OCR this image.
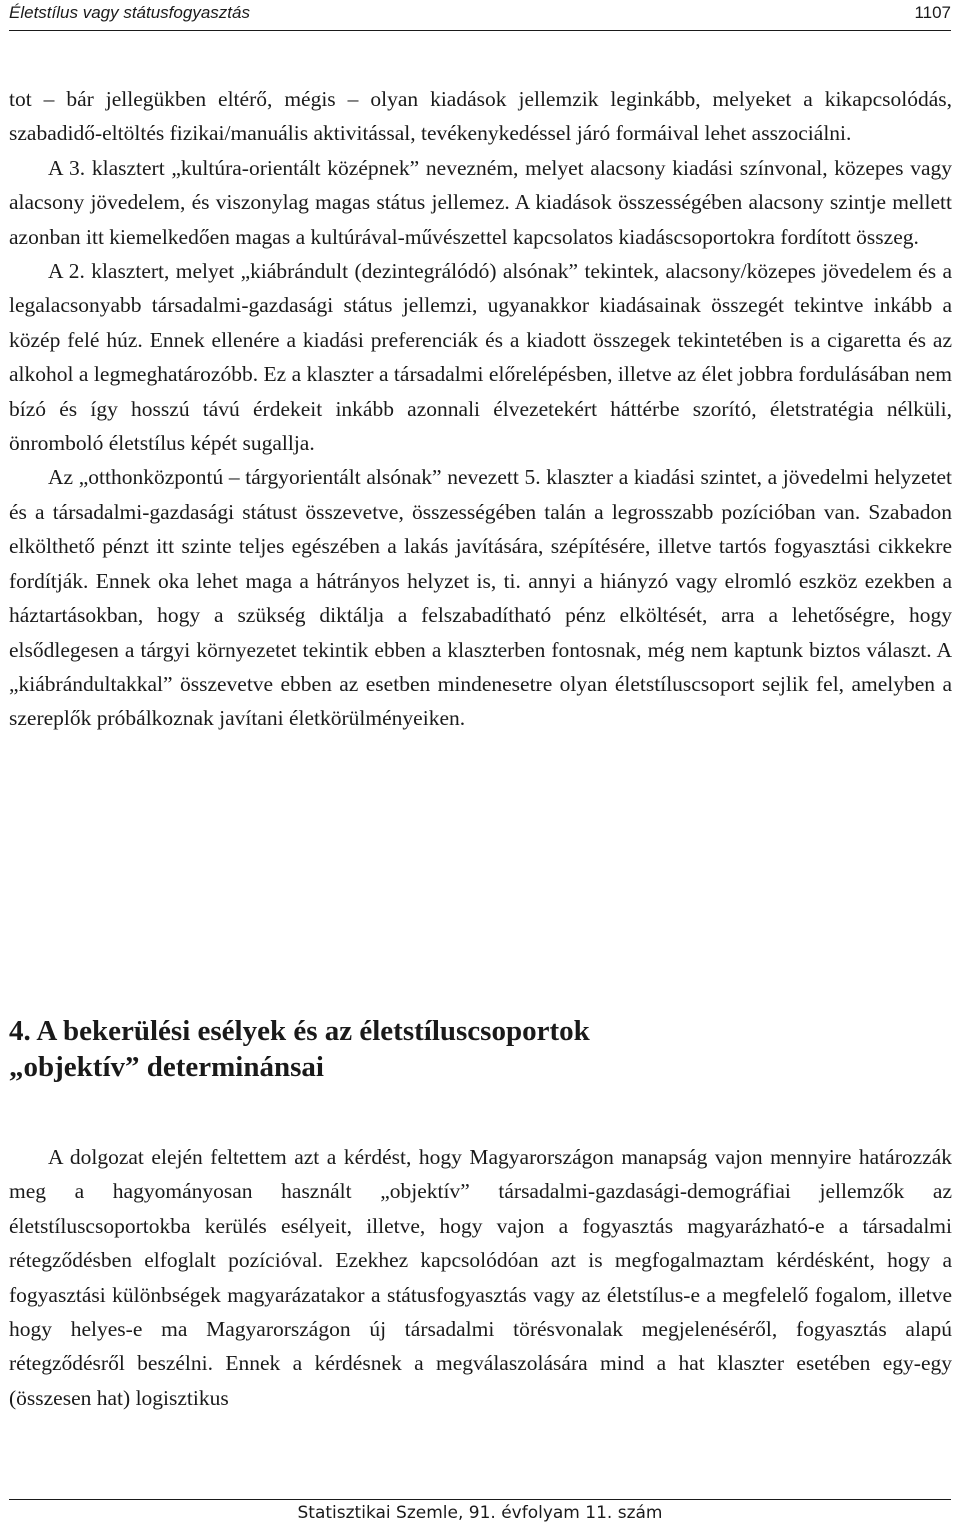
Életstílus vagy státusfogyasztás	1107

tot – bár jellegükben eltérő, mégis – olyan kiadások jellemzik leginkább, melyeket a kikapcsolódás, szabadidő-eltöltés fizikai/manuális aktivitással, tevékenykedéssel járó formáival lehet asszociálni.

A 3. klasztert „kultúra-orientált középnek” nevezném, melyet alacsony kiadási színvonal, közepes vagy alacsony jövedelem, és viszonylag magas státus jellemez. A kiadások összességében alacsony szintje mellett azonban itt kiemelkedően magas a kultúrával-művészettel kapcsolatos kiadáscsoportokra fordított összeg.

A 2. klasztert, melyet „kiábrándult (dezintegrálódó) alsónak” tekintek, alacsony/közepes jövedelem és a legalacsonyabb társadalmi-gazdasági státus jellemzi, ugyanakkor kiadásainak összegét tekintve inkább a közép felé húz. Ennek ellenére a kiadási preferenciák és a kiadott összegek tekintetében is a cigaretta és az alkohol a legmeghatározóbb. Ez a klaszter a társadalmi előrelépésben, illetve az élet jobbra fordulásában nem bízó és így hosszú távú érdekeit inkább azonnali élvezetekért háttérbe szorító, életstratégia nélküli, önromboló életstílus képét sugallja.

Az „otthonközpontú – tárgyorientált alsónak” nevezett 5. klaszter a kiadási szintet, a jövedelmi helyzetet és a társadalmi-gazdasági státust összevetve, összességében talán a legrosszabb pozícióban van. Szabadon elkölthető pénzt itt szinte teljes egészében a lakás javítására, szépítésére, illetve tartós fogyasztási cikkekre fordítják. Ennek oka lehet maga a hátrányos helyzet is, ti. annyi a hiányzó vagy elromló eszköz ezekben a háztartásokban, hogy a szükség diktálja a felszabadítható pénz elköltését, arra a lehetőségre, hogy elsődlegesen a tárgyi környezetet tekintik ebben a klaszterben fontosnak, még nem kaptunk biztos választ. A „kiábrándultakkal” összevetve ebben az esetben mindenesetre olyan életstíluscsoport sejlik fel, amelyben a szereplők próbálkoznak javítani életkörülményeiken.

4. A bekerülési esélyek és az életstíluscsoportok
„objektív” determinánsai

A dolgozat elején feltettem azt a kérdést, hogy Magyarországon manapság vajon mennyire határozzák meg a hagyományosan használt „objektív” társadalmi-gazdasági-demográfiai jellemzők az életstíluscsoportokba kerülés esélyeit, illetve, hogy vajon a fogyasztás magyarázható-e a társadalmi rétegződésben elfoglalt pozícióval. Ezekhez kapcsolódóan azt is megfogalmaztam kérdésként, hogy a fogyasztási különbségek magyarázatakor a státusfogyasztás vagy az életstílus-e a megfelelő fogalom, illetve hogy helyes-e ma Magyarországon új társadalmi törésvonalak megjelenéséről, fogyasztás alapú rétegződésről beszélni. Ennek a kérdésnek a megválaszolására mind a hat klaszter esetében egy-egy (összesen hat) logisztikus

Statisztikai Szemle, 91. évfolyam 11. szám
